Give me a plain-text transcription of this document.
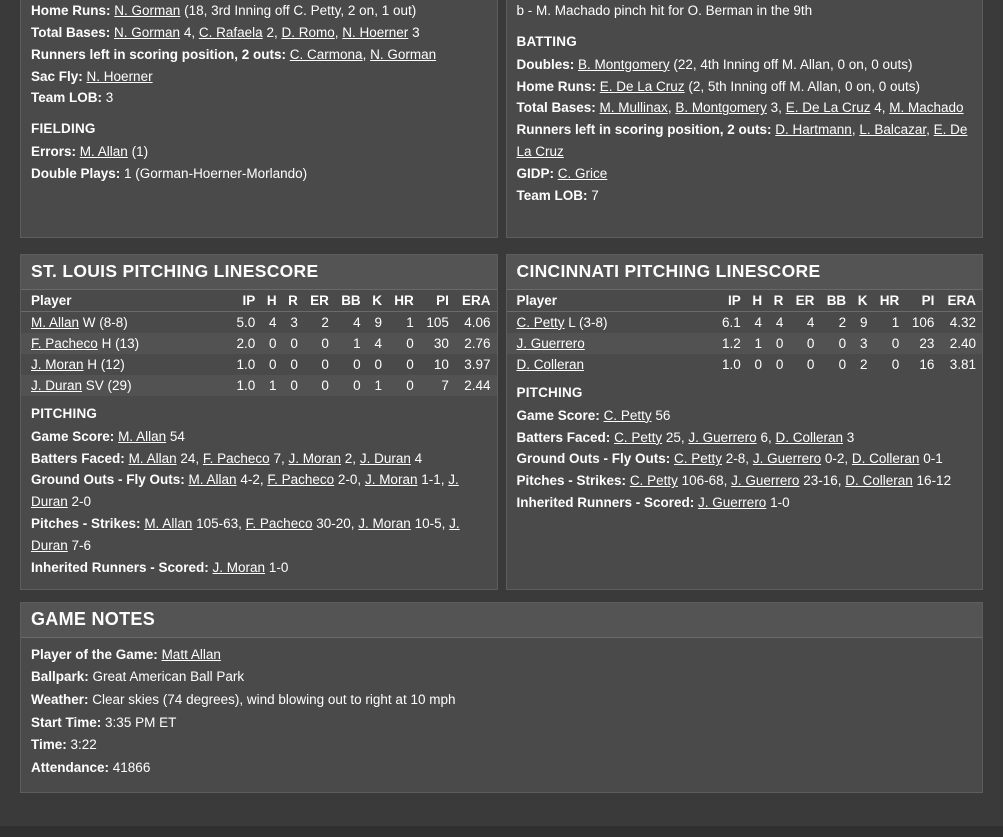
Home Runs: N. Gorman (18, 3rd Inning off C. Petty, 2 on, 1 out)
Total Bases: N. Gorman 4, C. Rafaela 2, D. Romo, N. Hoerner 3
Runners left in scoring position, 2 outs: C. Carmona, N. Gorman
Sac Fly: N. Hoerner
Team LOB: 3
FIELDING
Errors: M. Allan (1)
Double Plays: 1 (Gorman-Hoerner-Morlando)
b - M. Machado pinch hit for O. Berman in the 9th
BATTING
Doubles: B. Montgomery (22, 4th Inning off M. Allan, 0 on, 0 outs)
Home Runs: E. De La Cruz (2, 5th Inning off M. Allan, 0 on, 0 outs)
Total Bases: M. Mullinax, B. Montgomery 3, E. De La Cruz 4, M. Machado
Runners left in scoring position, 2 outs: D. Hartmann, L. Balcazar, E. De La Cruz
GIDP: C. Grice
Team LOB: 7
ST. LOUIS PITCHING LINESCORE
Player	IP	H	R	ER	BB	K	HR	PI	ERA
M. Allan W (8-8)	5.0	4	3	2	4	9	1	105	4.06
F. Pacheco H (13)	2.0	0	0	0	1	4	0	30	2.76
J. Moran H (12)	1.0	0	0	0	0	0	0	10	3.97
J. Duran SV (29)	1.0	1	0	0	0	1	0	7	2.44
PITCHING
Game Score: M. Allan 54
Batters Faced: M. Allan 24, F. Pacheco 7, J. Moran 2, J. Duran 4
Ground Outs - Fly Outs: M. Allan 4-2, F. Pacheco 2-0, J. Moran 1-1, J. Duran 2-0
Pitches - Strikes: M. Allan 105-63, F. Pacheco 30-20, J. Moran 10-5, J. Duran 7-6
Inherited Runners - Scored: J. Moran 1-0
CINCINNATI PITCHING LINESCORE
Player	IP	H	R	ER	BB	K	HR	PI	ERA
C. Petty L (3-8)	6.1	4	4	4	2	9	1	106	4.32
J. Guerrero	1.2	1	0	0	0	3	0	23	2.40
D. Colleran	1.0	0	0	0	0	2	0	16	3.81
PITCHING
Game Score: C. Petty 56
Batters Faced: C. Petty 25, J. Guerrero 6, D. Colleran 3
Ground Outs - Fly Outs: C. Petty 2-8, J. Guerrero 0-2, D. Colleran 0-1
Pitches - Strikes: C. Petty 106-68, J. Guerrero 23-16, D. Colleran 16-12
Inherited Runners - Scored: J. Guerrero 1-0
GAME NOTES
Player of the Game: Matt Allan
Ballpark: Great American Ball Park
Weather: Clear skies (74 degrees), wind blowing out to right at 10 mph
Start Time: 3:35 PM ET
Time: 3:22
Attendance: 41866
